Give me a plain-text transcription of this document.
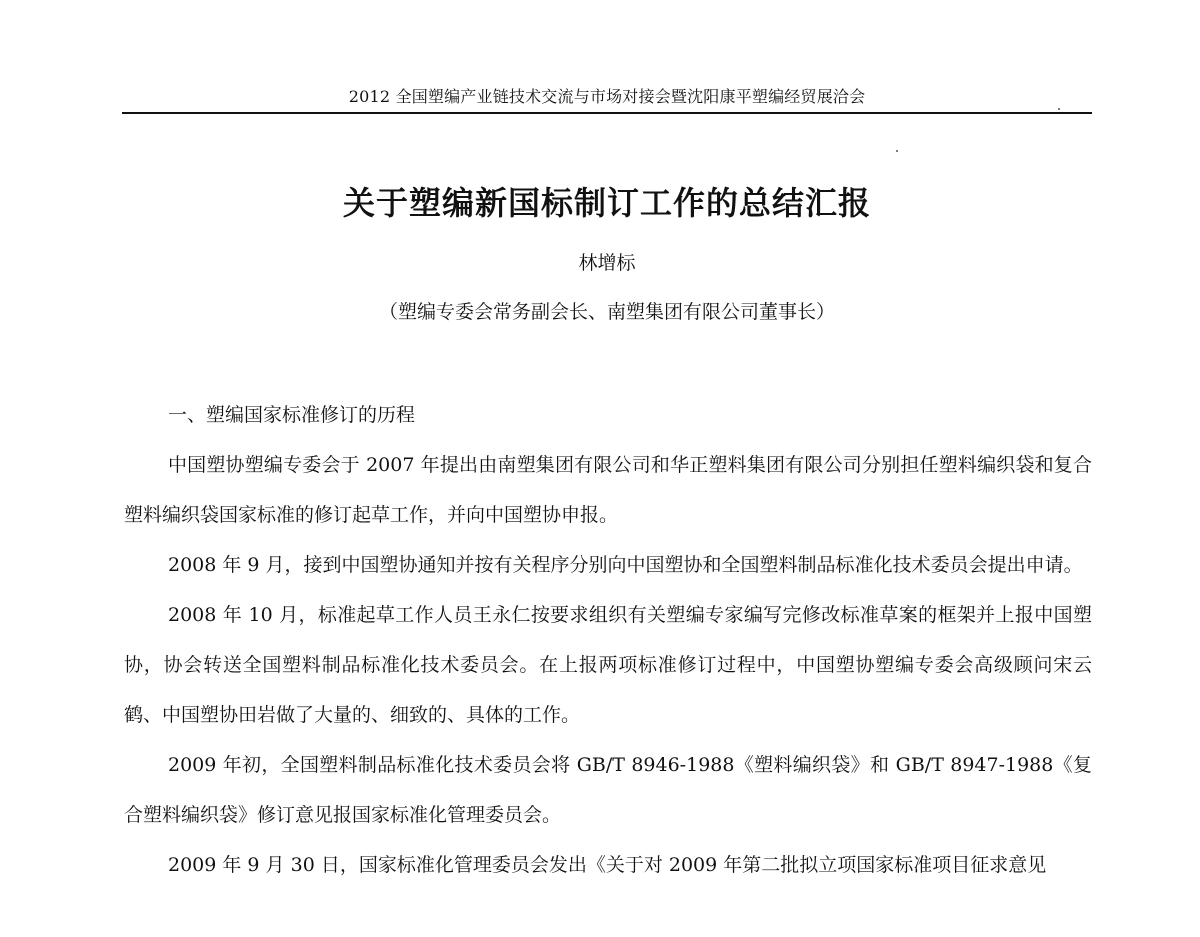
2012 全国塑编产业链技术交流与市场对接会暨沈阳康平塑编经贸展洽会
关于塑编新国标制订工作的总结汇报
林增标
（塑编专委会常务副会长、南塑集团有限公司董事长）
一、塑编国家标准修订的历程

中国塑协塑编专委会于 2007 年提出由南塑集团有限公司和华正塑料集团有限公司分别担任塑料编织袋和复合塑料编织袋国家标准的修订起草工作，并向中国塑协申报。

2008 年 9 月，接到中国塑协通知并按有关程序分别向中国塑协和全国塑料制品标准化技术委员会提出申请。

2008 年 10 月，标准起草工作人员王永仁按要求组织有关塑编专家编写完修改标准草案的框架并上报中国塑协，协会转送全国塑料制品标准化技术委员会。在上报两项标准修订过程中，中国塑协塑编专委会高级顾问宋云鹤、中国塑协田岩做了大量的、细致的、具体的工作。

2009 年初，全国塑料制品标准化技术委员会将 GB/T 8946-1988《塑料编织袋》和 GB/T 8947-1988《复合塑料编织袋》修订意见报国家标准化管理委员会。

2009 年 9 月 30 日，国家标准化管理委员会发出《关于对 2009 年第二批拟立项国家标准项目征求意见
